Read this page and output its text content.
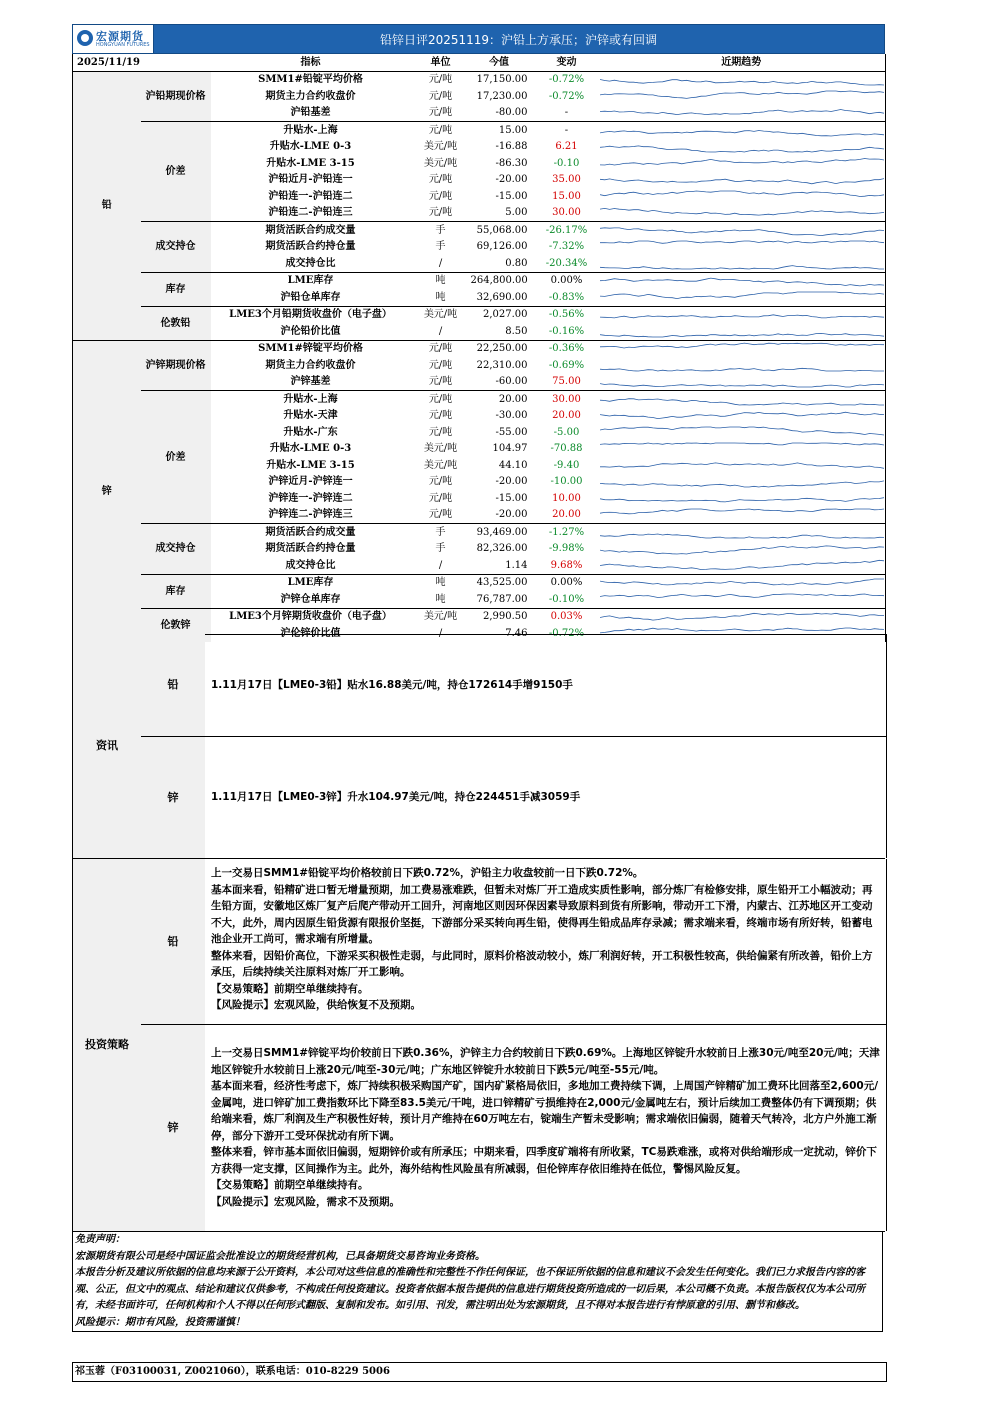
宏源期货
HONGYUAN FUTURES	铅锌日评20251119：沪铅上方承压；沪锌或有回调
2025/11/19		指标	单位	今值	变动	近期趋势
铅	沪铅期现价格	SMM1#铅锭平均价格	元/吨	17,150.00	-0.72%	

		期货主力合约收盘价	元/吨	17,230.00	-0.72%	

		沪铅基差	元/吨	-80.00	-	

	价差	升贴水-上海	元/吨	15.00	-	

		升贴水-LME 0-3	美元/吨	-16.88	6.21	

		升贴水-LME 3-15	美元/吨	-86.30	-0.10	

		沪铅近月-沪铅连一	元/吨	-20.00	35.00	

		沪铅连一-沪铅连二	元/吨	-15.00	15.00	

		沪铅连二-沪铅连三	元/吨	5.00	30.00	

	成交持仓	期货活跃合约成交量	手	55,068.00	-26.17%	

		期货活跃合约持仓量	手	69,126.00	-7.32%	

		成交持仓比	/	0.80	-20.34%	

	库存	LME库存	吨	264,800.00	0.00%	

		沪铅仓单库存	吨	32,690.00	-0.83%	

	伦敦铅	LME3个月铅期货收盘价（电子盘）	美元/吨	2,027.00	-0.56%	

		沪伦铅价比值	/	8.50	-0.16%	

锌	沪锌期现价格	SMM1#锌锭平均价格	元/吨	22,250.00	-0.36%	

		期货主力合约收盘价	元/吨	22,310.00	-0.69%	

		沪锌基差	元/吨	-60.00	75.00	

	价差	升贴水-上海	元/吨	20.00	30.00	

		升贴水-天津	元/吨	-30.00	20.00	

		升贴水-广东	元/吨	-55.00	-5.00	

		升贴水-LME 0-3	美元/吨	104.97	-70.88	

		升贴水-LME 3-15	美元/吨	44.10	-9.40	

		沪锌近月-沪锌连一	元/吨	-20.00	-10.00	

		沪锌连一-沪锌连二	元/吨	-15.00	10.00	

		沪锌连二-沪锌连三	元/吨	-20.00	20.00	

	成交持仓	期货活跃合约成交量	手	93,469.00	-1.27%	

		期货活跃合约持仓量	手	82,326.00	-9.98%	

		成交持仓比	/	1.14	9.68%	

	库存	LME库存	吨	43,525.00	0.00%	

		沪锌仓单库存	吨	76,787.00	-0.10%	

	伦敦锌	LME3个月锌期货收盘价（电子盘）	美元/吨	2,990.50	0.03%	

		沪伦锌价比值	/	7.46	-0.72%	
资讯
铅	1.11月17日【LME0-3铅】贴水16.88美元/吨，持仓172614手增9150手
锌	1.11月17日【LME0-3锌】升水104.97美元/吨，持仓224451手减3059手
投资策略
铅

上一交易日SMM1#铅锭平均价格较前日下跌0.72%，沪铅主力收盘较前一日下跌0.72%。

基本面来看，铅精矿进口暂无增量预期，加工费易涨难跌，但暂未对炼厂开工造成实质性影响，部分炼厂有检修安排，原生铅开工小幅波动；再生铅方面，安徽地区炼厂复产后爬产带动开工回升，河南地区则因环保因素导致原料到货有所影响，带动开工下滑，内蒙古、江苏地区开工变动不大，此外，周内因原生铅货源有限报价坚挺，下游部分采买转向再生铅，使得再生铅成品库存录减；需求端来看，终端市场有所好转，铅蓄电池企业开工尚可，需求端有所增量。

整体来看，因铅价高位，下游采买积极性走弱，与此同时，原料价格波动较小，炼厂利润好转，开工积极性较高，供给偏紧有所改善，铅价上方承压，后续持续关注原料对炼厂开工影响。

【交易策略】前期空单继续持有。

【风险提示】宏观风险，供给恢复不及预期。

锌

上一交易日SMM1#锌锭平均价较前日下跌0.36%，沪锌主力合约较前日下跌0.69%。上海地区锌锭升水较前日上涨30元/吨至20元/吨；天津地区锌锭升水较前日上涨20元/吨至-30元/吨；广东地区锌锭升水较前日下跌5元/吨至-55元/吨。

基本面来看，经济性考虑下，炼厂持续积极采购国产矿，国内矿紧格局依旧，多地加工费持续下调，上周国产锌精矿加工费环比回落至2,600元/金属吨，进口锌矿加工费指数环比下降至83.5美元/干吨，进口锌精矿亏损维持在2,000元/金属吨左右，预计后续加工费整体仍有下调预期；供给端来看，炼厂利润及生产积极性好转，预计月产维持在60万吨左右，锭端生产暂未受影响；需求端依旧偏弱，随着天气转冷，北方户外施工渐停，部分下游开工受环保扰动有所下调。

整体来看，锌市基本面依旧偏弱，短期锌价或有所承压；中期来看，四季度矿端将有所收紧，TC易跌难涨，或将对供给端形成一定扰动，锌价下方获得一定支撑，区间操作为主。此外，海外结构性风险虽有所减弱，但伦锌库存依旧维持在低位，警惕风险反复。

【交易策略】前期空单继续持有。

【风险提示】宏观风险，需求不及预期。

免责声明：

宏源期货有限公司是经中国证监会批准设立的期货经营机构，已具备期货交易咨询业务资格。

本报告分析及建议所依据的信息均来源于公开资料，本公司对这些信息的准确性和完整性不作任何保证，也不保证所依据的信息和建议不会发生任何变化。我们已力求报告内容的客观、公正，但文中的观点、结论和建议仅供参考，不构成任何投资建议。投资者依据本报告提供的信息进行期货投资所造成的一切后果，本公司概不负责。本报告版权仅为本公司所有，未经书面许可，任何机构和个人不得以任何形式翻版、复制和发布。如引用、刊发，需注明出处为宏源期货，且不得对本报告进行有悖原意的引用、删节和修改。

风险提示：期市有风险，投资需谨慎！

祁玉蓉（F03100031, Z0021060），联系电话：010-8229 5006
